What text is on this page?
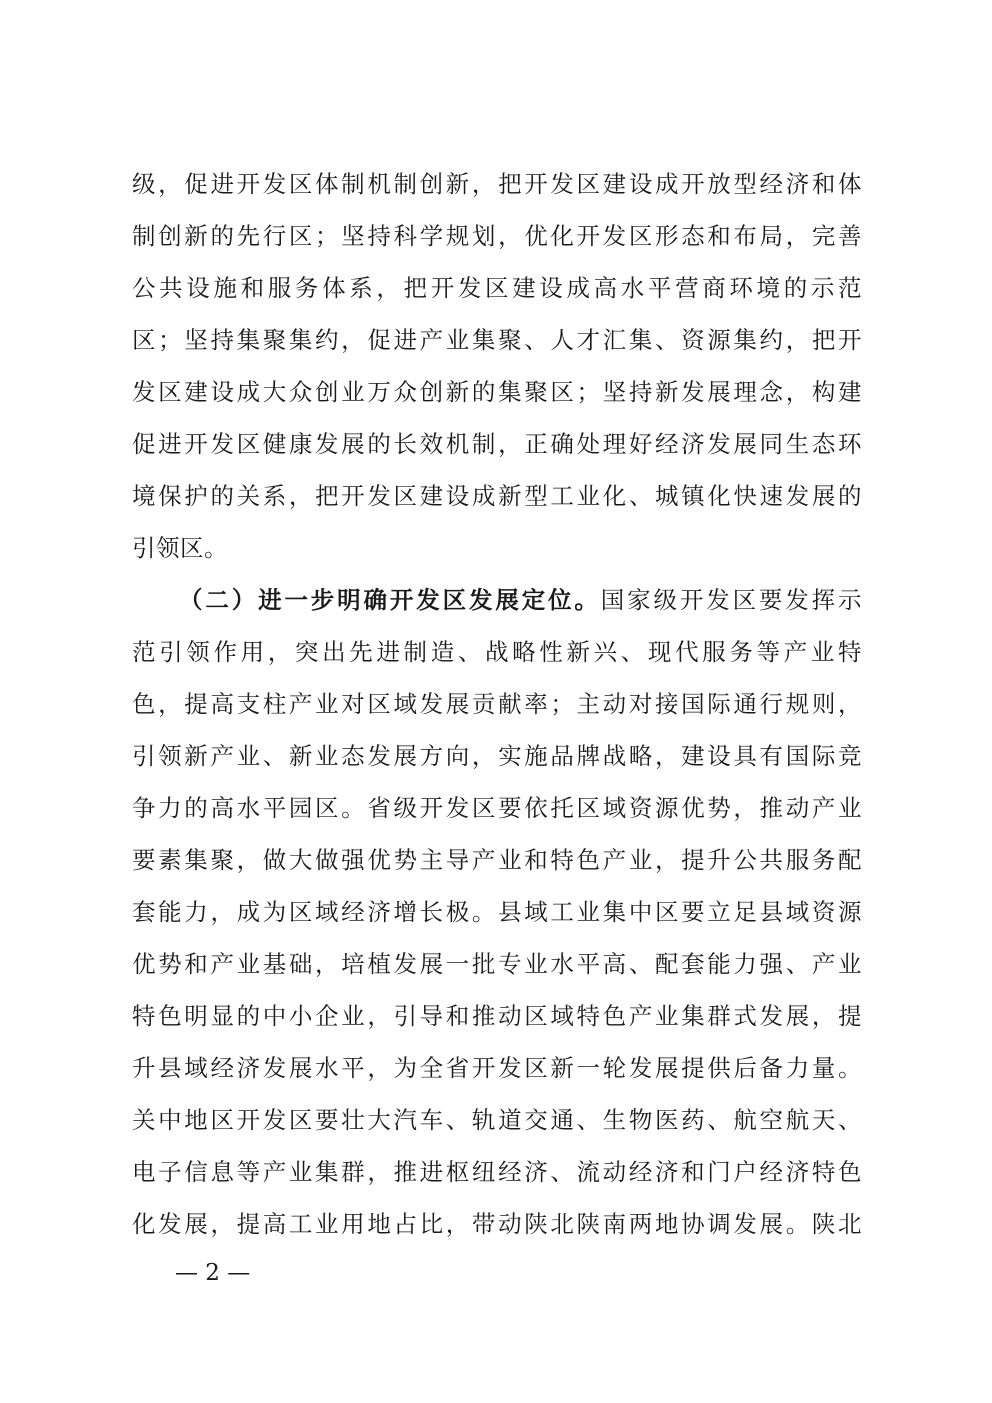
级，促进开发区体制机制创新，把开发区建设成开放型经济和体
制创新的先行区；坚持科学规划，优化开发区形态和布局，完善
公共设施和服务体系，把开发区建设成高水平营商环境的示范
区；坚持集聚集约，促进产业集聚、人才汇集、资源集约，把开
发区建设成大众创业万众创新的集聚区；坚持新发展理念，构建
促进开发区健康发展的长效机制，正确处理好经济发展同生态环
境保护的关系，把开发区建设成新型工业化、城镇化快速发展的
引领区。
（二）进一步明确开发区发展定位。国家级开发区要发挥示
范引领作用，突出先进制造、战略性新兴、现代服务等产业特
色，提高支柱产业对区域发展贡献率；主动对接国际通行规则，
引领新产业、新业态发展方向，实施品牌战略，建设具有国际竞
争力的高水平园区。省级开发区要依托区域资源优势，推动产业
要素集聚，做大做强优势主导产业和特色产业，提升公共服务配
套能力，成为区域经济增长极。县域工业集中区要立足县域资源
优势和产业基础，培植发展一批专业水平高、配套能力强、产业
特色明显的中小企业，引导和推动区域特色产业集群式发展，提
升县域经济发展水平，为全省开发区新一轮发展提供后备力量。
关中地区开发区要壮大汽车、轨道交通、生物医药、航空航天、
电子信息等产业集群，推进枢纽经济、流动经济和门户经济特色
化发展，提高工业用地占比，带动陕北陕南两地协调发展。陕北
— 2 —
